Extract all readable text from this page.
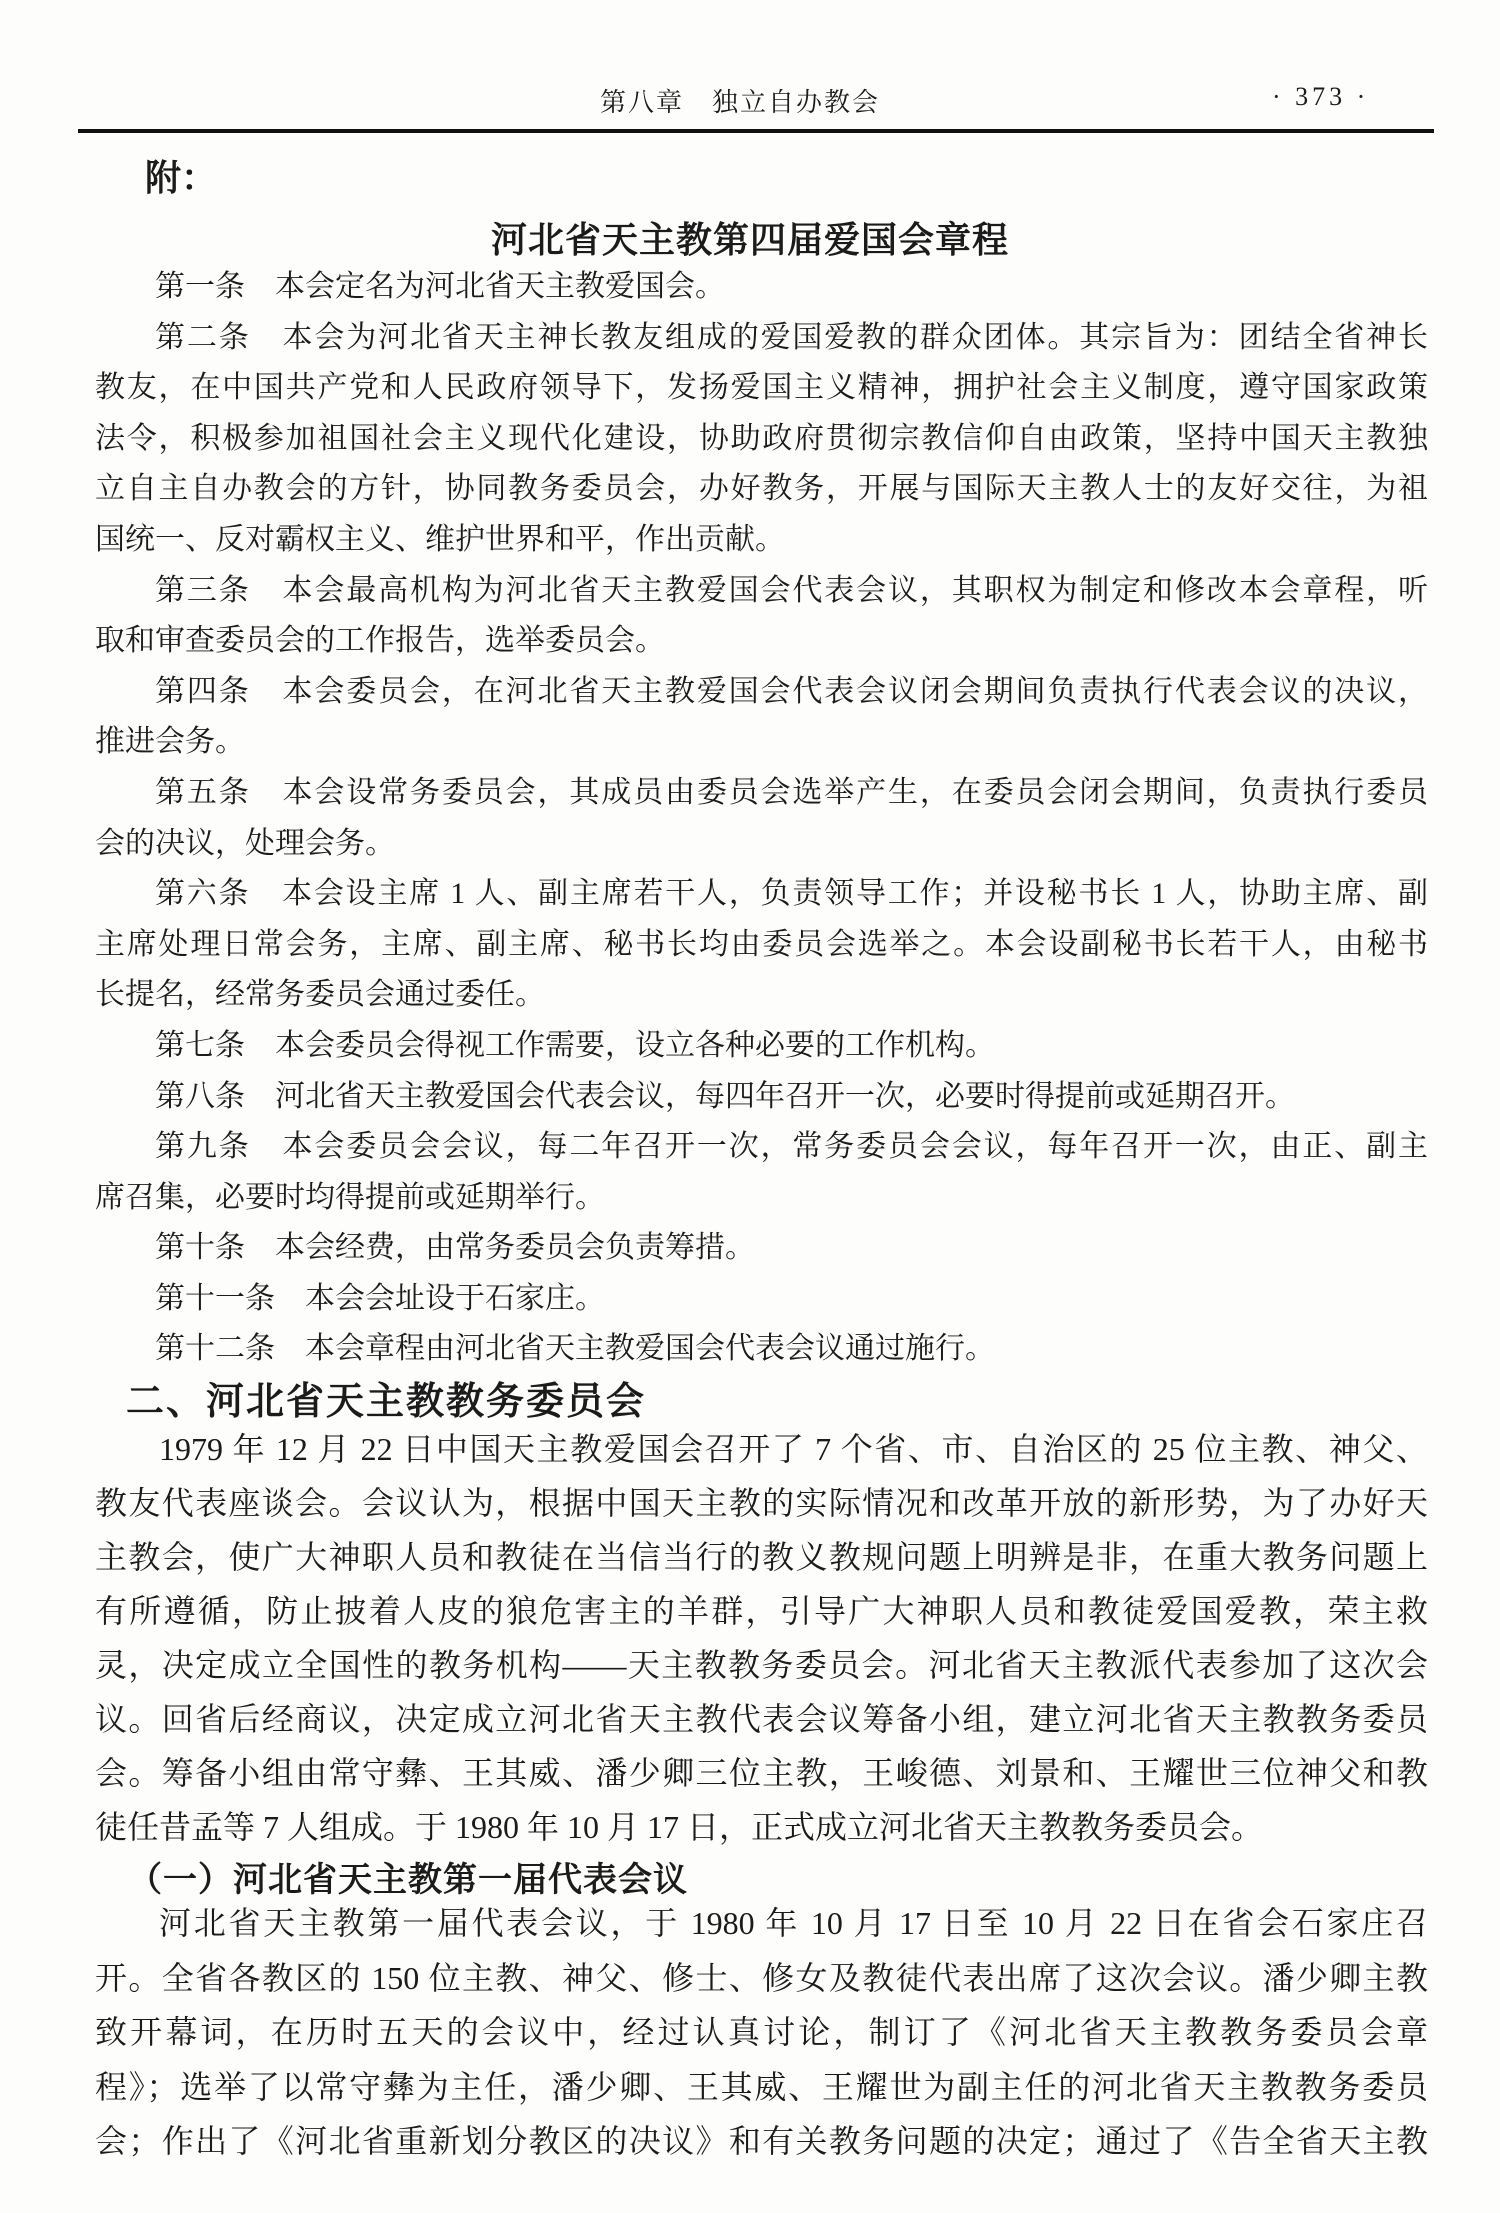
第八章　独立自办教会	· 373 ·
附：
河北省天主教第四届爱国会章程
第一条　本会定名为河北省天主教爱国会。
第二条　本会为河北省天主神长教友组成的爱国爱教的群众团体。其宗旨为：团结全省神长
教友，在中国共产党和人民政府领导下，发扬爱国主义精神，拥护社会主义制度，遵守国家政策
法令，积极参加祖国社会主义现代化建设，协助政府贯彻宗教信仰自由政策，坚持中国天主教独
立自主自办教会的方针，协同教务委员会，办好教务，开展与国际天主教人士的友好交往，为祖
国统一、反对霸权主义、维护世界和平，作出贡献。
第三条　本会最高机构为河北省天主教爱国会代表会议，其职权为制定和修改本会章程，听
取和审查委员会的工作报告，选举委员会。
第四条　本会委员会，在河北省天主教爱国会代表会议闭会期间负责执行代表会议的决议，
推进会务。
第五条　本会设常务委员会，其成员由委员会选举产生，在委员会闭会期间，负责执行委员
会的决议，处理会务。
第六条　本会设主席 1 人、副主席若干人，负责领导工作；并设秘书长 1 人，协助主席、副
主席处理日常会务，主席、副主席、秘书长均由委员会选举之。本会设副秘书长若干人，由秘书
长提名，经常务委员会通过委任。
第七条　本会委员会得视工作需要，设立各种必要的工作机构。
第八条　河北省天主教爱国会代表会议，每四年召开一次，必要时得提前或延期召开。
第九条　本会委员会会议，每二年召开一次，常务委员会会议，每年召开一次，由正、副主
席召集，必要时均得提前或延期举行。
第十条　本会经费，由常务委员会负责筹措。
第十一条　本会会址设于石家庄。
第十二条　本会章程由河北省天主教爱国会代表会议通过施行。
二、河北省天主教教务委员会
1979 年 12 月 22 日中国天主教爱国会召开了 7 个省、市、自治区的 25 位主教、神父、
教友代表座谈会。会议认为，根据中国天主教的实际情况和改革开放的新形势，为了办好天
主教会，使广大神职人员和教徒在当信当行的教义教规问题上明辨是非，在重大教务问题上
有所遵循，防止披着人皮的狼危害主的羊群，引导广大神职人员和教徒爱国爱教，荣主救
灵，决定成立全国性的教务机构——天主教教务委员会。河北省天主教派代表参加了这次会
议。回省后经商议，决定成立河北省天主教代表会议筹备小组，建立河北省天主教教务委员
会。筹备小组由常守彝、王其威、潘少卿三位主教，王峻德、刘景和、王耀世三位神父和教
徒任昔孟等 7 人组成。于 1980 年 10 月 17 日，正式成立河北省天主教教务委员会。
（一）河北省天主教第一届代表会议
河北省天主教第一届代表会议，于 1980 年 10 月 17 日至 10 月 22 日在省会石家庄召
开。全省各教区的 150 位主教、神父、修士、修女及教徒代表出席了这次会议。潘少卿主教
致开幕词，在历时五天的会议中，经过认真讨论，制订了《河北省天主教教务委员会章
程》；选举了以常守彝为主任，潘少卿、王其威、王耀世为副主任的河北省天主教教务委员
会；作出了《河北省重新划分教区的决议》和有关教务问题的决定；通过了《告全省天主教
